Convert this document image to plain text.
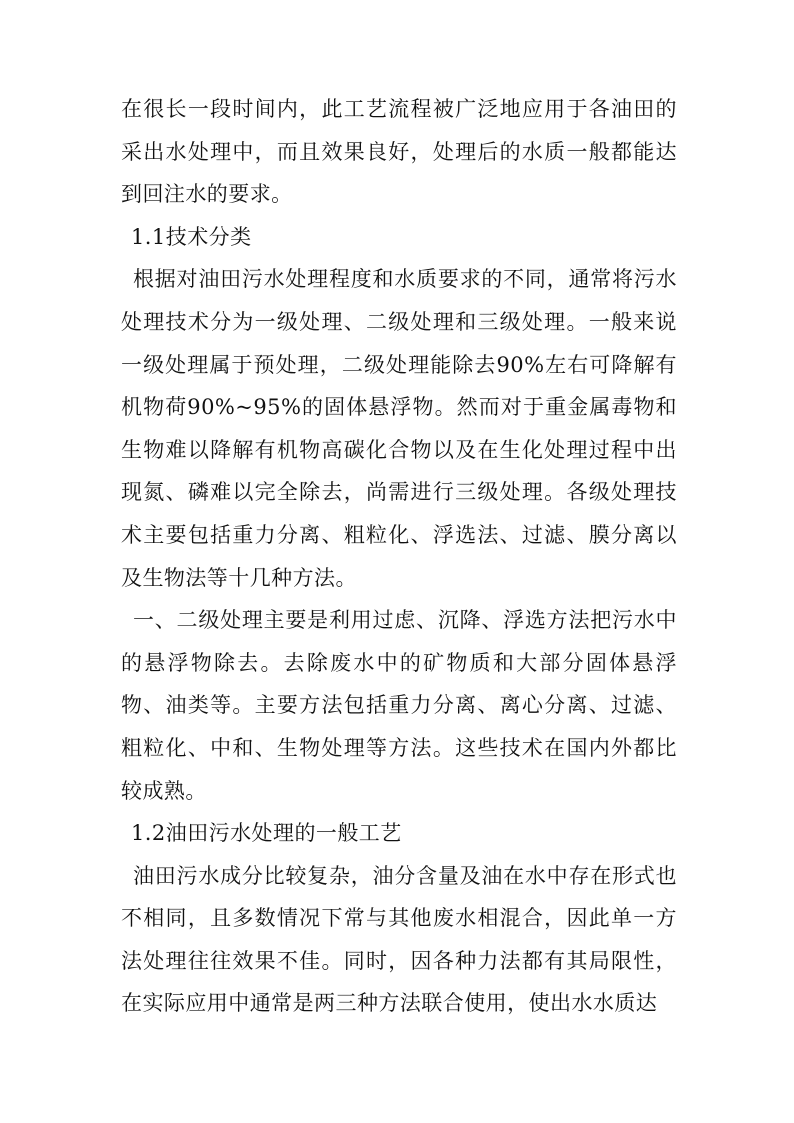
在很长一段时间内，此工艺流程被广泛地应用于各油田的采出水处理中，而且效果良好，处理后的水质一般都能达到回注水的要求。

1.1技术分类

根据对油田污水处理程度和水质要求的不同，通常将污水处理技术分为一级处理、二级处理和三级处理。一般来说一级处理属于预处理，二级处理能除去90%左右可降解有机物荷90%~95%的固体悬浮物。然而对于重金属毒物和生物难以降解有机物高碳化合物以及在生化处理过程中出现氮、磷难以完全除去，尚需进行三级处理。各级处理技术主要包括重力分离、粗粒化、浮选法、过滤、膜分离以及生物法等十几种方法。

一、二级处理主要是利用过虑、沉降、浮选方法把污水中的悬浮物除去。去除废水中的矿物质和大部分固体悬浮物、油类等。主要方法包括重力分离、离心分离、过滤、粗粒化、中和、生物处理等方法。这些技术在国内外都比较成熟。

1.2油田污水处理的一般工艺

油田污水成分比较复杂，油分含量及油在水中存在形式也不相同，且多数情况下常与其他废水相混合，因此单一方法处理往往效果不佳。同时，因各种力法都有其局限性，在实际应用中通常是两三种方法联合使用，使出水水质达
